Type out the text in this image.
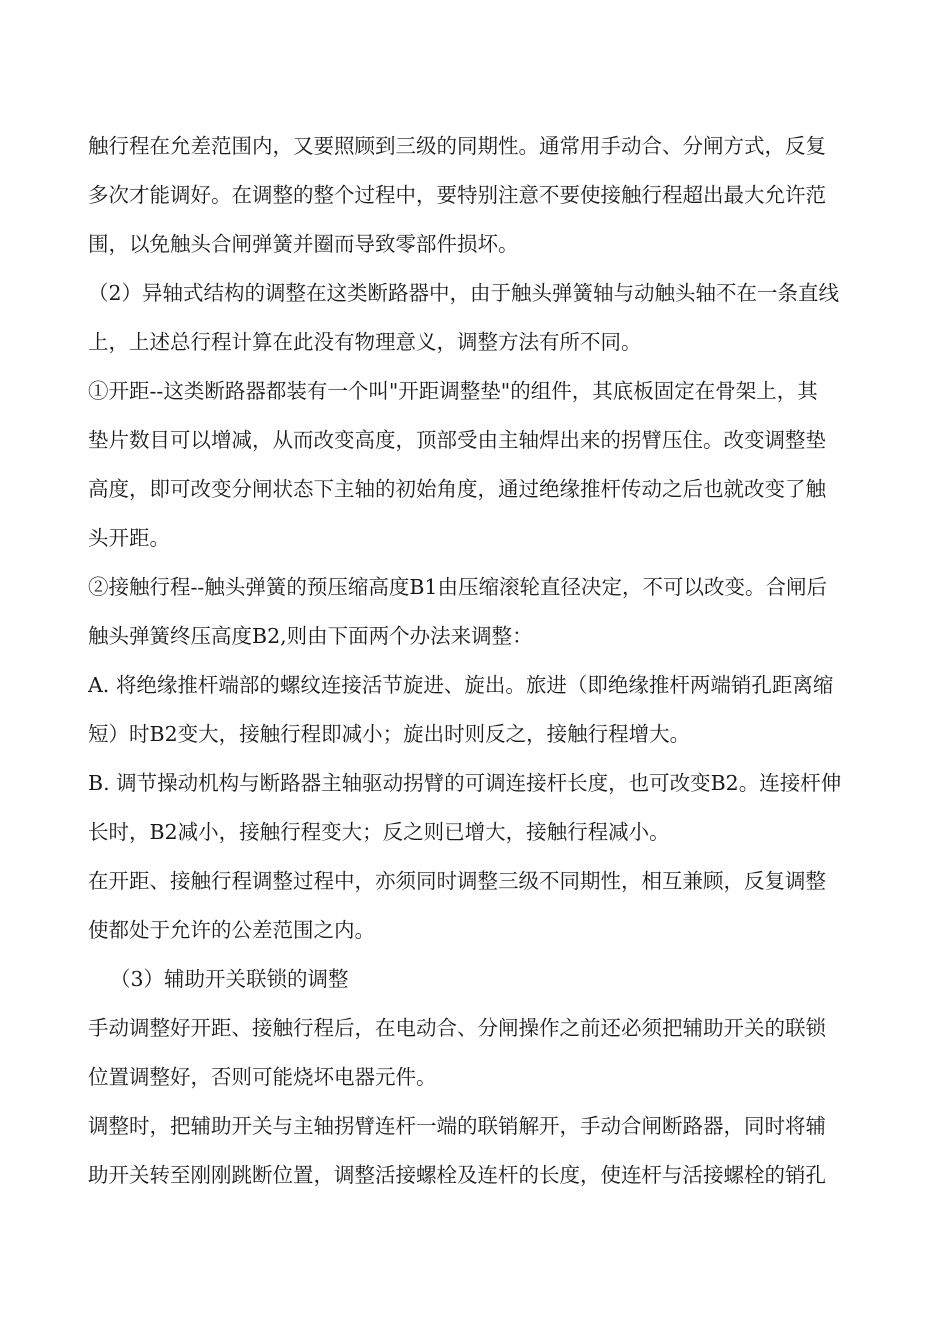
触行程在允差范围内，又要照顾到三级的同期性。通常用手动合、分闸方式，反复
多次才能调好。在调整的整个过程中，要特别注意不要使接触行程超出最大允许范
围，以免触头合闸弹簧并圈而导致零部件损坏。
（2）异轴式结构的调整在这类断路器中，由于触头弹簧轴与动触头轴不在一条直线
上，上述总行程计算在此没有物理意义，调整方法有所不同。
①开距--这类断路器都装有一个叫"开距调整垫"的组件，其底板固定在骨架上，其
垫片数目可以增减，从而改变高度，顶部受由主轴焊出来的拐臂压住。改变调整垫
高度，即可改变分闸状态下主轴的初始角度，通过绝缘推杆传动之后也就改变了触
头开距。
②接触行程--触头弹簧的预压缩高度B1由压缩滚轮直径决定，不可以改变。合闸后
触头弹簧终压高度B2,则由下面两个办法来调整：
A. 将绝缘推杆端部的螺纹连接活节旋进、旋出。旅进（即绝缘推杆两端销孔距离缩
短）时B2变大，接触行程即减小；旋出时则反之，接触行程增大。
B. 调节操动机构与断路器主轴驱动拐臂的可调连接杆长度，也可改变B2。连接杆伸
长时，B2减小，接触行程变大；反之则已增大，接触行程减小。
在开距、接触行程调整过程中，亦须同时调整三级不同期性，相互兼顾，反复调整
使都处于允许的公差范围之内。
（3）辅助开关联锁的调整
手动调整好开距、接触行程后，在电动合、分闸操作之前还必须把辅助开关的联锁
位置调整好，否则可能烧坏电器元件。
调整时，把辅助开关与主轴拐臂连杆一端的联销解开，手动合闸断路器，同时将辅
助开关转至刚刚跳断位置，调整活接螺栓及连杆的长度，使连杆与活接螺栓的销孔
